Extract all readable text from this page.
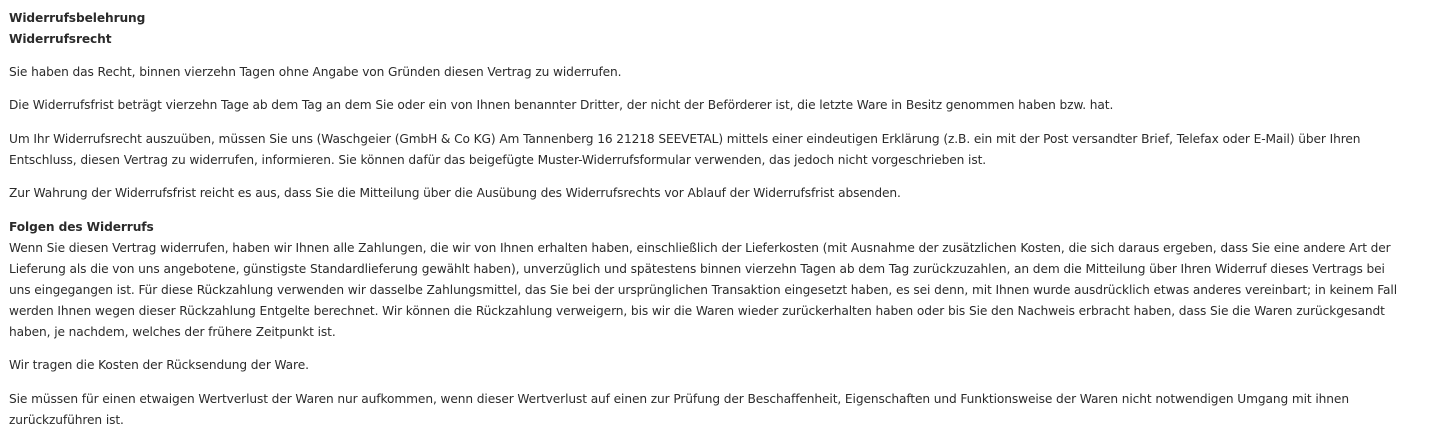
Widerrufsbelehrung
Widerrufsrecht

Sie haben das Recht, binnen vierzehn Tagen ohne Angabe von Gründen diesen Vertrag zu widerrufen.

Die Widerrufsfrist beträgt vierzehn Tage ab dem Tag an dem Sie oder ein von Ihnen benannter Dritter, der nicht der Beförderer ist, die letzte Ware in Besitz genommen haben bzw. hat.

Um Ihr Widerrufsrecht auszuüben, müssen Sie uns (Waschgeier (GmbH & Co KG) Am Tannenberg 16 21218 SEEVETAL) mittels einer eindeutigen Erklärung (z.B. ein mit der Post versandter Brief, Telefax oder E-Mail) über Ihren Entschluss, diesen Vertrag zu widerrufen, informieren. Sie können dafür das beigefügte Muster-Widerrufsformular verwenden, das jedoch nicht vorgeschrieben ist.

Zur Wahrung der Widerrufsfrist reicht es aus, dass Sie die Mitteilung über die Ausübung des Widerrufsrechts vor Ablauf der Widerrufsfrist absenden.

Folgen des Widerrufs
Wenn Sie diesen Vertrag widerrufen, haben wir Ihnen alle Zahlungen, die wir von Ihnen erhalten haben, einschließlich der Lieferkosten (mit Ausnahme der zusätzlichen Kosten, die sich daraus ergeben, dass Sie eine andere Art der Lieferung als die von uns angebotene, günstigste Standardlieferung gewählt haben), unverzüglich und spätestens binnen vierzehn Tagen ab dem Tag zurückzuzahlen, an dem die Mitteilung über Ihren Widerruf dieses Vertrags bei uns eingegangen ist. Für diese Rückzahlung verwenden wir dasselbe Zahlungsmittel, das Sie bei der ursprünglichen Transaktion eingesetzt haben, es sei denn, mit Ihnen wurde ausdrücklich etwas anderes vereinbart; in keinem Fall werden Ihnen wegen dieser Rückzahlung Entgelte berechnet. Wir können die Rückzahlung verweigern, bis wir die Waren wieder zurückerhalten haben oder bis Sie den Nachweis erbracht haben, dass Sie die Waren zurückgesandt haben, je nachdem, welches der frühere Zeitpunkt ist.

Wir tragen die Kosten der Rücksendung der Ware.

Sie müssen für einen etwaigen Wertverlust der Waren nur aufkommen, wenn dieser Wertverlust auf einen zur Prüfung der Beschaffenheit, Eigenschaften und Funktionsweise der Waren nicht notwendigen Umgang mit ihnen zurückzuführen ist.
